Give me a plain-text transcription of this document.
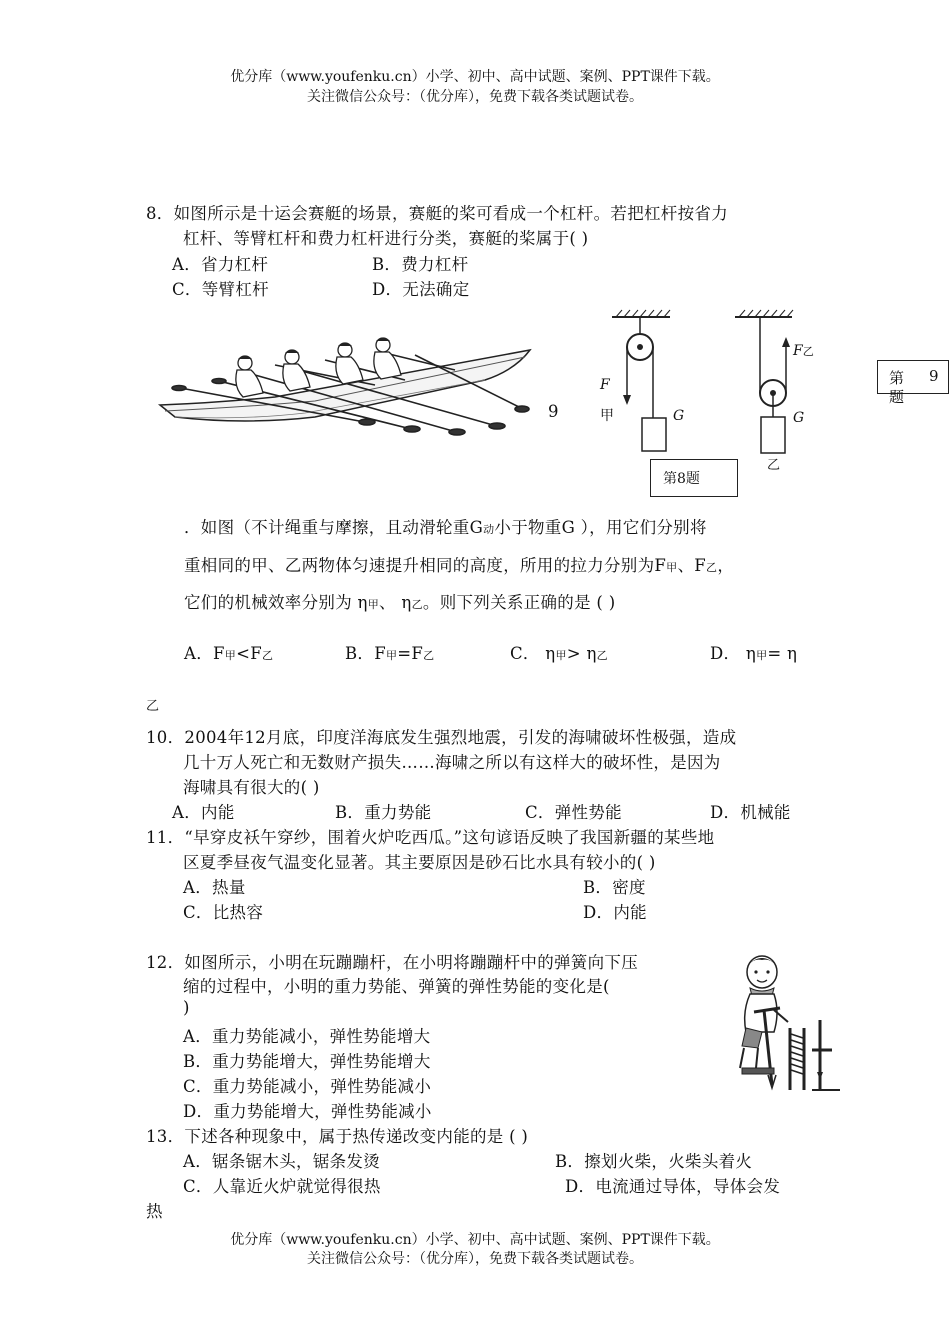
优分库（www.youfenku.cn）小学、初中、高中试题、案例、PPT课件下载。
关注微信公众号：（优分库），免费下载各类试题试卷。
8．如图所示是十运会赛艇的场景，赛艇的桨可看成一个杠杆。若把杠杆按省力
杠杆、等臂杠杆和费力杠杆进行分类，赛艇的桨属于( )
A．省力杠杆	B．费力杠杆
C．等臂杠杆	D．无法确定
9
F
甲	G
F乙
G
乙
第8题
第 9
题
．如图（不计绳重与摩擦，且动滑轮重G动小于物重G ），用它们分别将
重相同的甲、乙两物体匀速提升相同的高度，所用的拉力分别为F甲、F乙，
它们的机械效率分别为 η甲、 η乙。则下列关系正确的是 ( )
A．F甲<F乙	B．F甲=F乙	C． η甲> η乙	D． η甲= η
乙
10．2004年12月底，印度洋海底发生强烈地震，引发的海啸破坏性极强，造成
几十万人死亡和无数财产损失……海啸之所以有这样大的破坏性，是因为
海啸具有很大的( )
A．内能	B．重力势能	C．弹性势能	D．机械能
11．“早穿皮袄午穿纱，围着火炉吃西瓜。”这句谚语反映了我国新疆的某些地
区夏季昼夜气温变化显著。其主要原因是砂石比水具有较小的( )
A．热量	B．密度
C．比热容	D．内能
12．如图所示，小明在玩蹦蹦杆，在小明将蹦蹦杆中的弹簧向下压
缩的过程中，小明的重力势能、弹簧的弹性势能的变化是(
)
A．重力势能减小，弹性势能增大
B．重力势能增大，弹性势能增大
C．重力势能减小，弹性势能减小
D．重力势能增大，弹性势能减小
13．下述各种现象中，属于热传递改变内能的是 ( )
A．锯条锯木头，锯条发烫	B．擦划火柴，火柴头着火
C．人靠近火炉就觉得很热	D．电流通过导体，导体会发
热
优分库（www.youfenku.cn）小学、初中、高中试题、案例、PPT课件下载。
关注微信公众号：（优分库），免费下载各类试题试卷。
